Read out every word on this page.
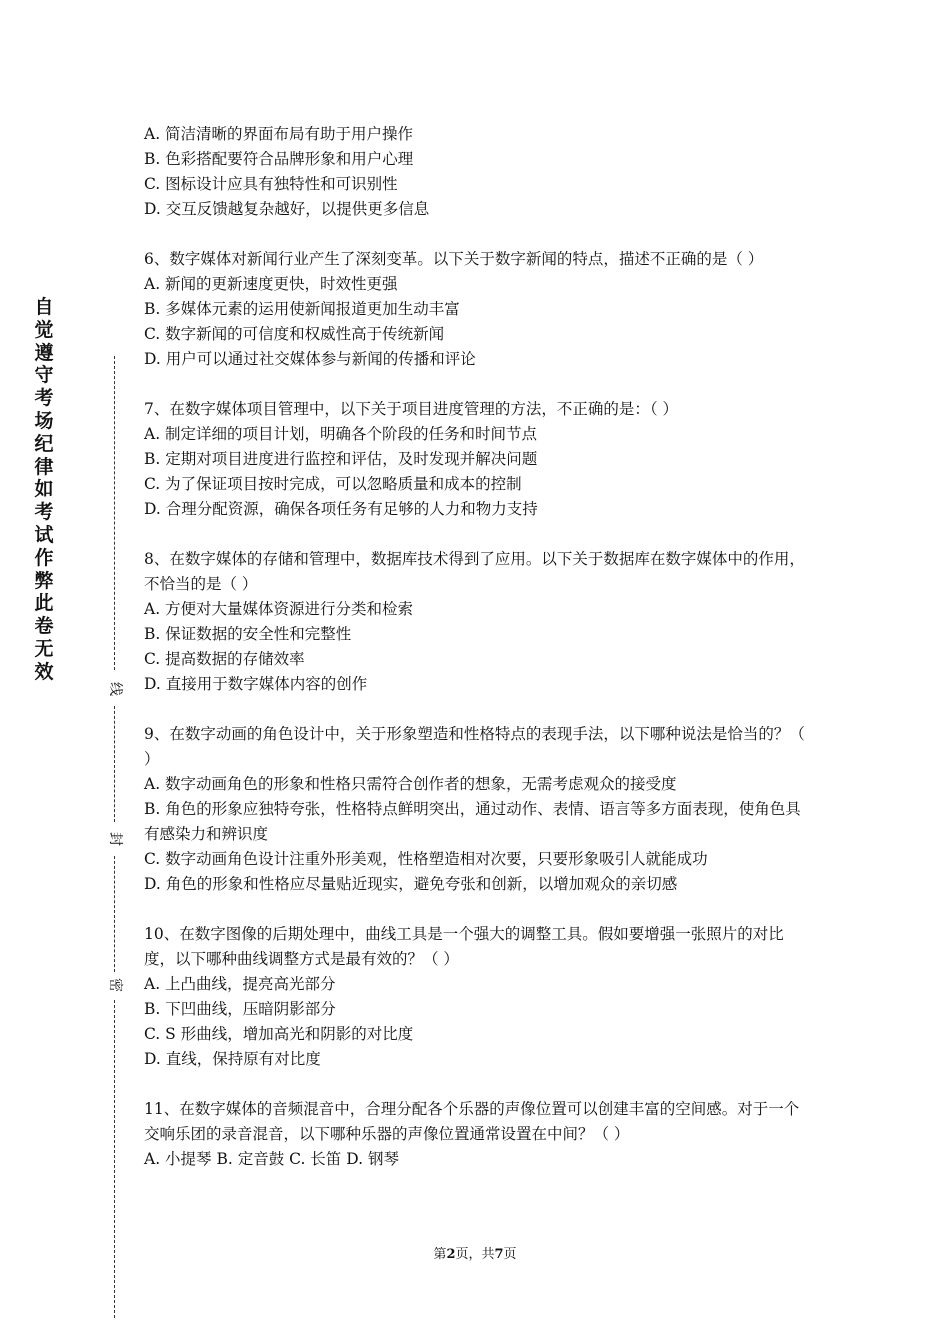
自觉遵守考场纪律如考试作弊此卷无效
线
封
密
A. 简洁清晰的界面布局有助于用户操作
B. 色彩搭配要符合品牌形象和用户心理
C. 图标设计应具有独特性和可识别性
D. 交互反馈越复杂越好，以提供更多信息
6、数字媒体对新闻行业产生了深刻变革。以下关于数字新闻的特点，描述不正确的是（ ）
A. 新闻的更新速度更快，时效性更强
B. 多媒体元素的运用使新闻报道更加生动丰富
C. 数字新闻的可信度和权威性高于传统新闻
D. 用户可以通过社交媒体参与新闻的传播和评论
7、在数字媒体项目管理中，以下关于项目进度管理的方法，不正确的是：（ ）
A. 制定详细的项目计划，明确各个阶段的任务和时间节点
B. 定期对项目进度进行监控和评估，及时发现并解决问题
C. 为了保证项目按时完成，可以忽略质量和成本的控制
D. 合理分配资源，确保各项任务有足够的人力和物力支持
8、在数字媒体的存储和管理中，数据库技术得到了应用。以下关于数据库在数字媒体中的作用，不恰当的是（ ）
A. 方便对大量媒体资源进行分类和检索
B. 保证数据的安全性和完整性
C. 提高数据的存储效率
D. 直接用于数字媒体内容的创作
9、在数字动画的角色设计中，关于形象塑造和性格特点的表现手法，以下哪种说法是恰当的？（ ）
A. 数字动画角色的形象和性格只需符合创作者的想象，无需考虑观众的接受度
B. 角色的形象应独特夸张，性格特点鲜明突出，通过动作、表情、语言等多方面表现，使角色具有感染力和辨识度
C. 数字动画角色设计注重外形美观，性格塑造相对次要，只要形象吸引人就能成功
D. 角色的形象和性格应尽量贴近现实，避免夸张和创新，以增加观众的亲切感
10、在数字图像的后期处理中，曲线工具是一个强大的调整工具。假如要增强一张照片的对比度，以下哪种曲线调整方式是最有效的？（ ）
A. 上凸曲线，提亮高光部分
B. 下凹曲线，压暗阴影部分
C. S 形曲线，增加高光和阴影的对比度
D. 直线，保持原有对比度
11、在数字媒体的音频混音中，合理分配各个乐器的声像位置可以创建丰富的空间感。对于一个交响乐团的录音混音，以下哪种乐器的声像位置通常设置在中间？（ ）
A. 小提琴 B. 定音鼓 C. 长笛 D. 钢琴
第2页，共7页
